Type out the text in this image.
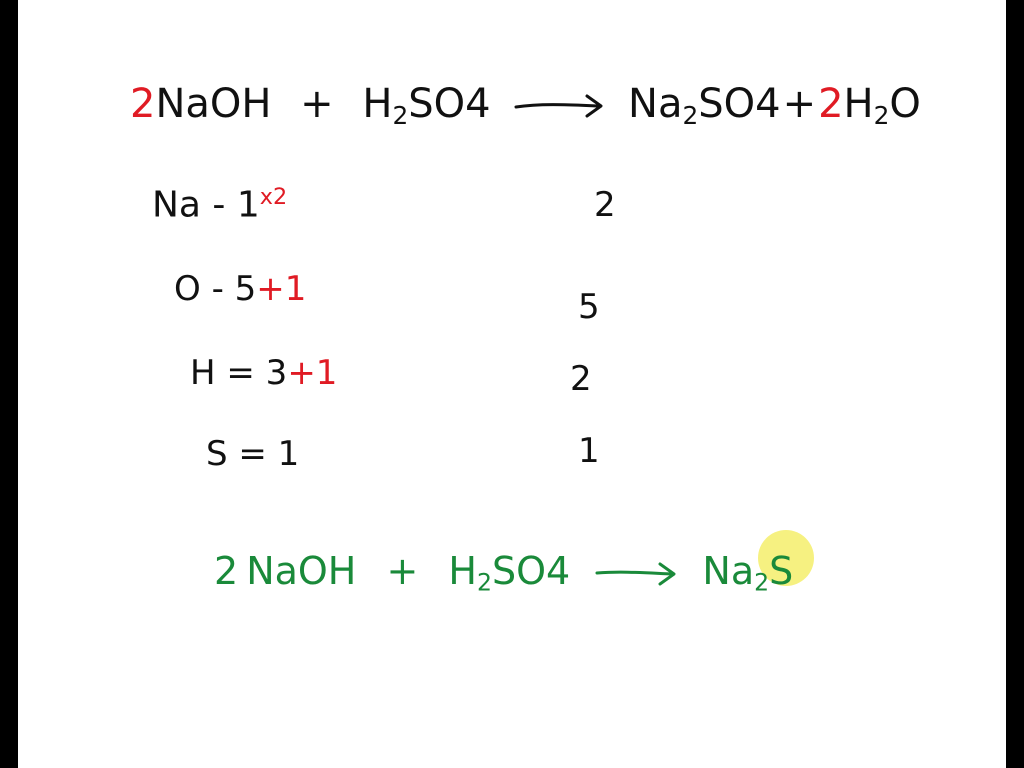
2NaOH + $H_2SO4$	$Na_2SO4+2H_2O$
Na - $1^{x2}$
O - 5+1
H = 3+1
S = 1
2
5
2
1
2 NaOH + $H_2SO4$	$Na_2S$
